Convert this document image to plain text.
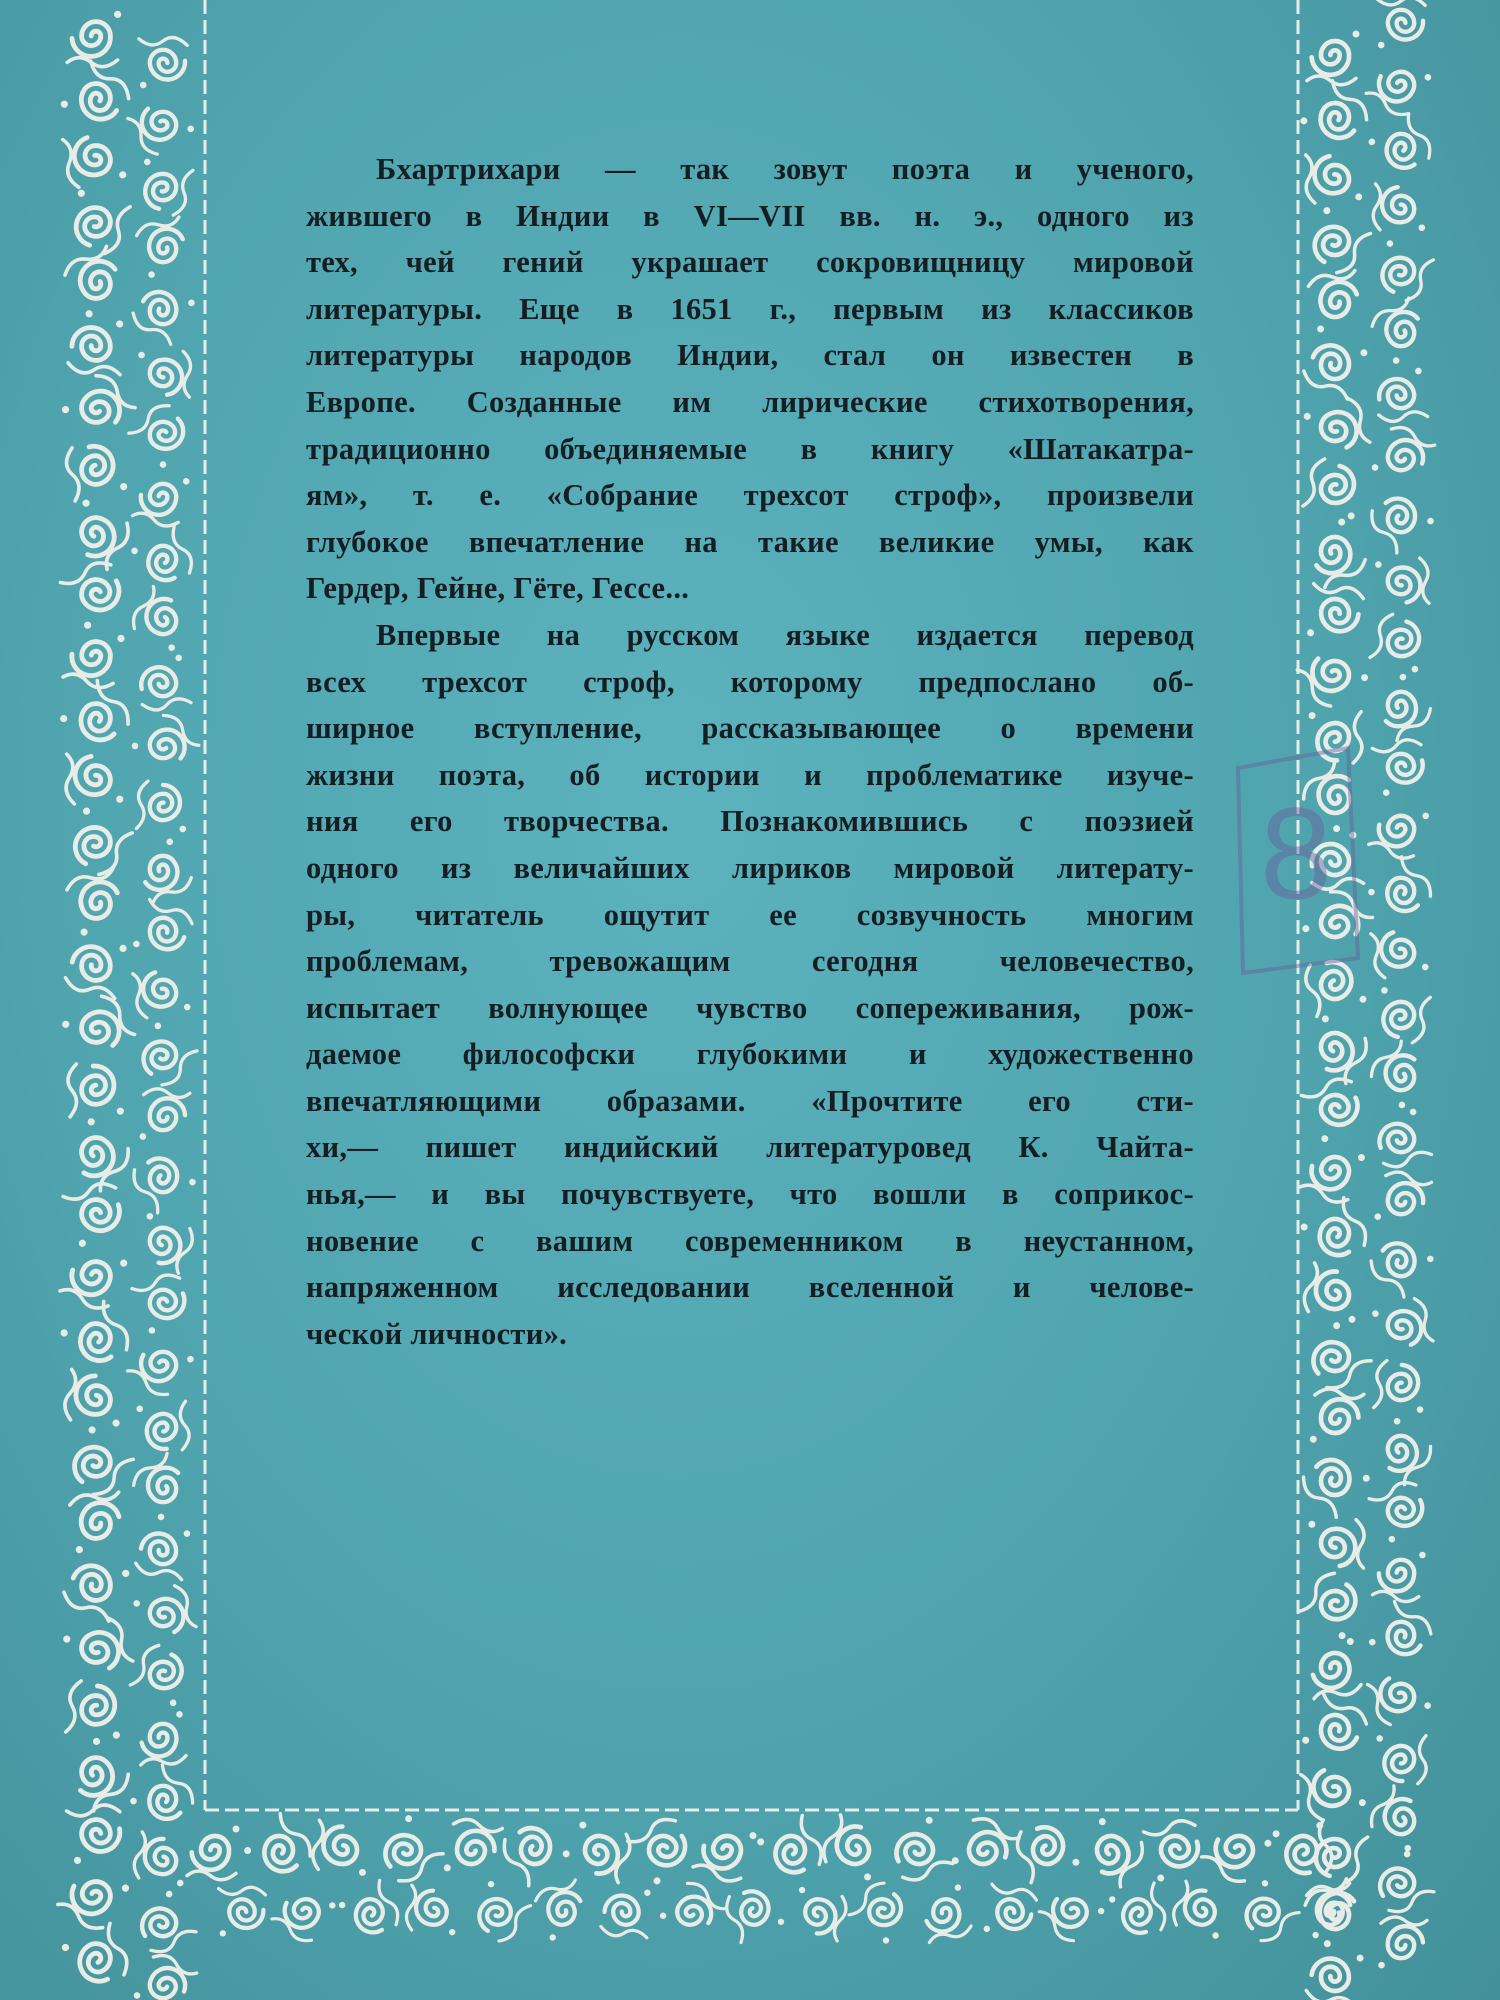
8
Бхартрихари — так зовут поэта и ученого,
жившего в Индии в VI—VII вв. н. э., одного из
тех, чей гений украшает сокровищницу мировой
литературы. Еще в 1651 г., первым из классиков
литературы народов Индии, стал он известен в
Европе. Созданные им лирические стихотворения,
традиционно объединяемые в книгу «Шатакатра-
ям», т. е. «Собрание трехсот строф», произвели
глубокое впечатление на такие великие умы, как
Гердер, Гейне, Гёте, Гессе...
Впервые на русском языке издается перевод
всех трехсот строф, которому предпослано об-
ширное вступление, рассказывающее о времени
жизни поэта, об истории и проблематике изуче-
ния его творчества. Познакомившись с поэзией
одного из величайших лириков мировой литерату-
ры, читатель ощутит ее созвучность многим
проблемам,	тревожащим	сегодня	человечество,
испытает волнующее чувство сопереживания, рож-
даемое философски глубокими и художественно
впечатляющими образами. «Прочтите его сти-
хи,— пишет индийский литературовед К. Чайта-
нья,— и вы почувствуете, что вошли в соприкос-
новение с вашим современником в неустанном,
напряженном исследовании вселенной и челове-
ческой личности».
